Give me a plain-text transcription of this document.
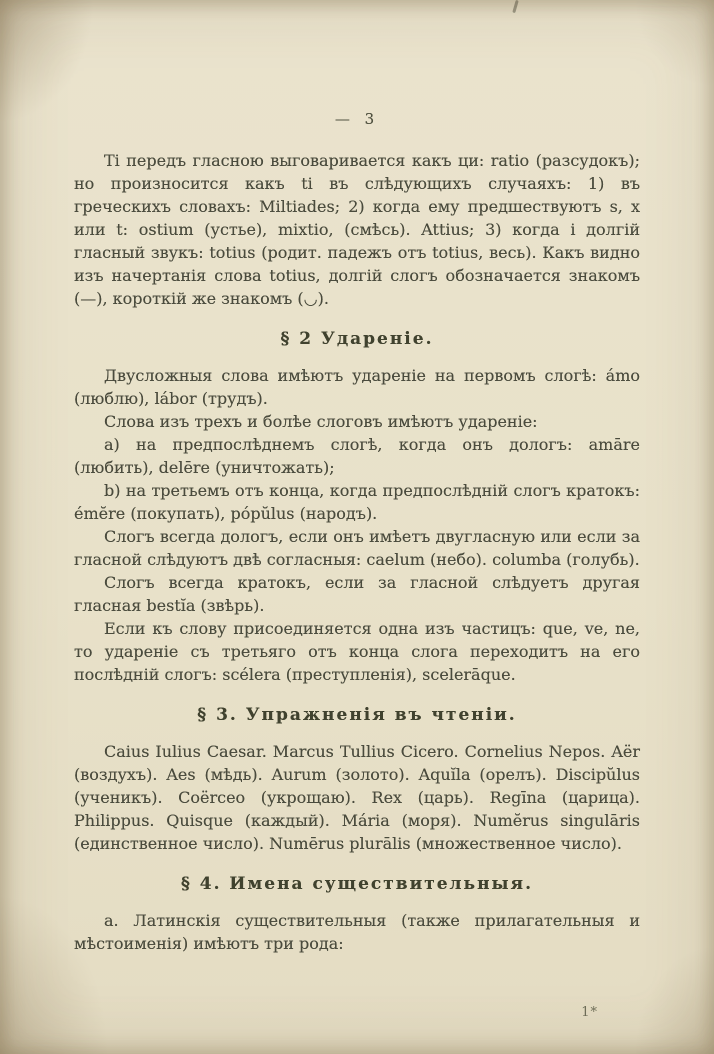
— 3

Ti передъ гласною выговаривается какъ ци: ratio (разсудокъ); но произносится какъ ti въ слѣдующихъ случаяхъ: 1) въ греческихъ словахъ: Miltiades; 2) когда ему предшествуютъ s, x или t: ostium (устье), mixtio, (смѣсь). Attius; 3) когда i долгій гласный звукъ: totius (родит. падежъ отъ totius, весь). Какъ видно изъ начертанія слова totius, долгій слогъ обозначается знакомъ (—), короткій же знакомъ (◡).

§ 2 Удареніе.

Двусложныя слова имѣютъ удареніе на первомъ слогѣ: ámo (люблю), lábor (трудъ).

Слова изъ трехъ и болѣе слоговъ имѣютъ удареніе:

а) на предпослѣднемъ слогѣ, когда онъ дологъ: amāre (любить), delēre (уничтожать);

b) на третьемъ отъ конца, когда предпослѣдній слогъ кратокъ: émĕre (покупать), pópŭlus (народъ).

Слогъ всегда дологъ, если онъ имѣетъ двугласную или если за гласной слѣдуютъ двѣ согласныя: caelum (небо). columba (голубь).

Слогъ всегда кратокъ, если за гласной слѣдуетъ другая гласная bestĭa (звѣрь).

Если къ слову присоединяется одна изъ частицъ: que, ve, ne, то удареніе съ третьяго отъ конца слога переходитъ на его послѣдній слогъ: scélera (преступленія), scelerāque.

§ 3. Упражненія въ чтеніи.

Caius Iulius Caesar. Marcus Tullius Cicero. Cornelius Nepos. Aër (воздухъ). Aes (мѣдь). Aurum (золото). Aquĭla (орелъ). Discipŭlus (ученикъ). Coërceo (укрощаю). Rex (царь). Regīna (царица). Philippus. Quisque (каждый). Mária (моря). Numĕrus singulāris (единственное число). Numērus plurālis (множественное число).

§ 4. Имена существительныя.

а. Латинскія существительныя (также прилагательныя и мѣстоименія) имѣютъ три рода:

1*
